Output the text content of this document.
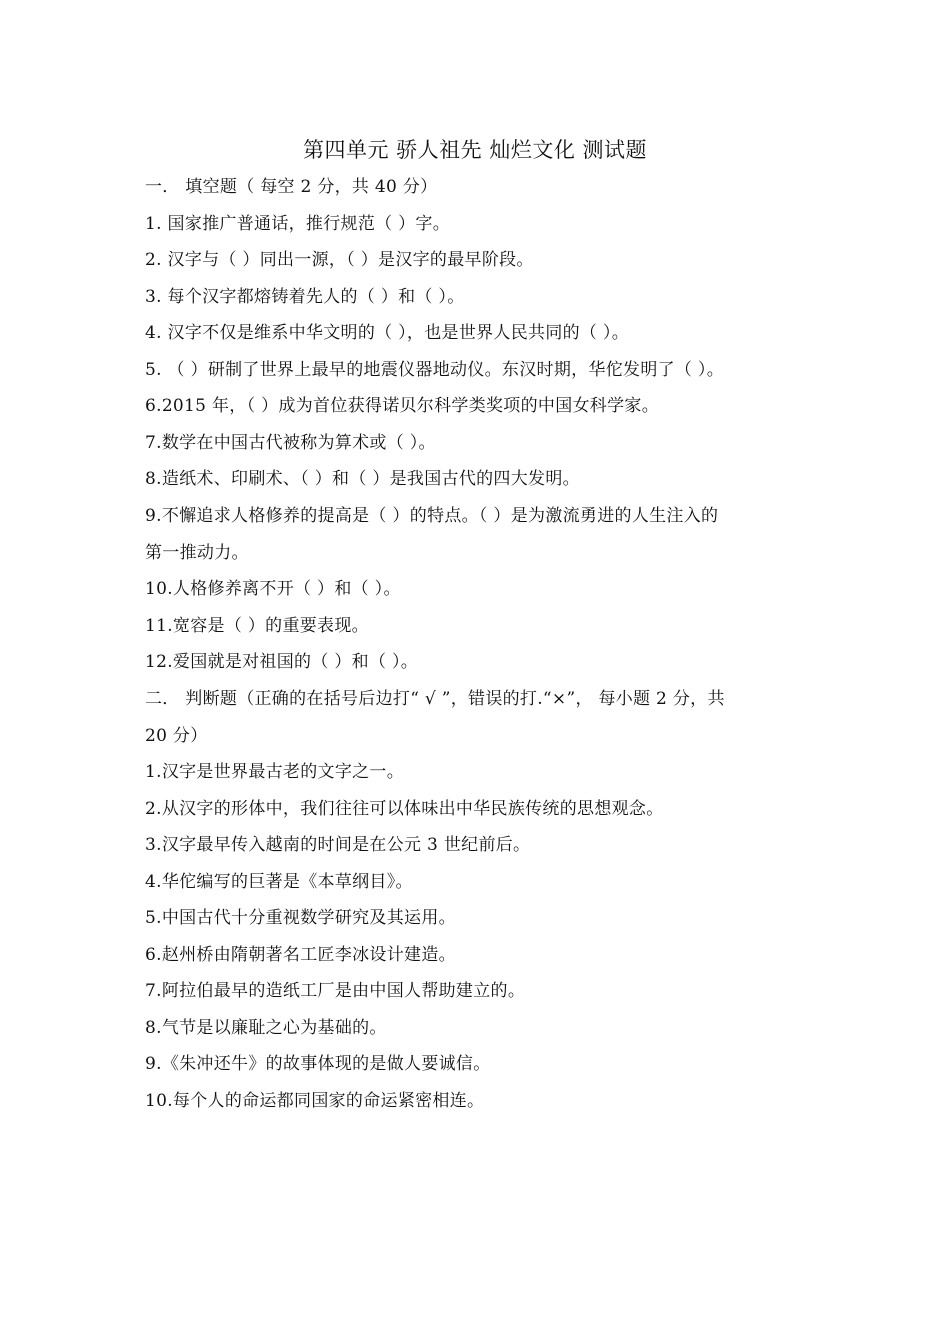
第四单元 骄人祖先 灿烂文化 测试题
一． 填空题（ 每空 2 分，共 40 分）
1. 国家推广普通话，推行规范（ ）字。
2. 汉字与（ ）同出一源，（ ）是汉字的最早阶段。
3. 每个汉字都熔铸着先人的（ ）和（ ）。
4. 汉字不仅是维系中华文明的（ ），也是世界人民共同的（ ）。
5. （ ）研制了世界上最早的地震仪器地动仪。东汉时期，华佗发明了（ ）。
6.2015 年，（ ）成为首位获得诺贝尔科学类奖项的中国女科学家。
7.数学在中国古代被称为算术或（ ）。
8.造纸术、印刷术、（ ）和（ ）是我国古代的四大发明。
9.不懈追求人格修养的提高是（ ）的特点。（ ）是为激流勇进的人生注入的
第一推动力。
10.人格修养离不开（ ）和（ ）。
11.宽容是（ ）的重要表现。
12.爱国就是对祖国的（ ）和（ ）。
二． 判断题（正确的在括号后边打“ √ ”，错误的打.“×”， 每小题 2 分，共
20 分）
1.汉字是世界最古老的文字之一。
2.从汉字的形体中，我们往往可以体味出中华民族传统的思想观念。
3.汉字最早传入越南的时间是在公元 3 世纪前后。
4.华佗编写的巨著是《本草纲目》。
5.中国古代十分重视数学研究及其运用。
6.赵州桥由隋朝著名工匠李冰设计建造。
7.阿拉伯最早的造纸工厂是由中国人帮助建立的。
8.气节是以廉耻之心为基础的。
9.《朱冲还牛》的故事体现的是做人要诚信。
10.每个人的命运都同国家的命运紧密相连。
